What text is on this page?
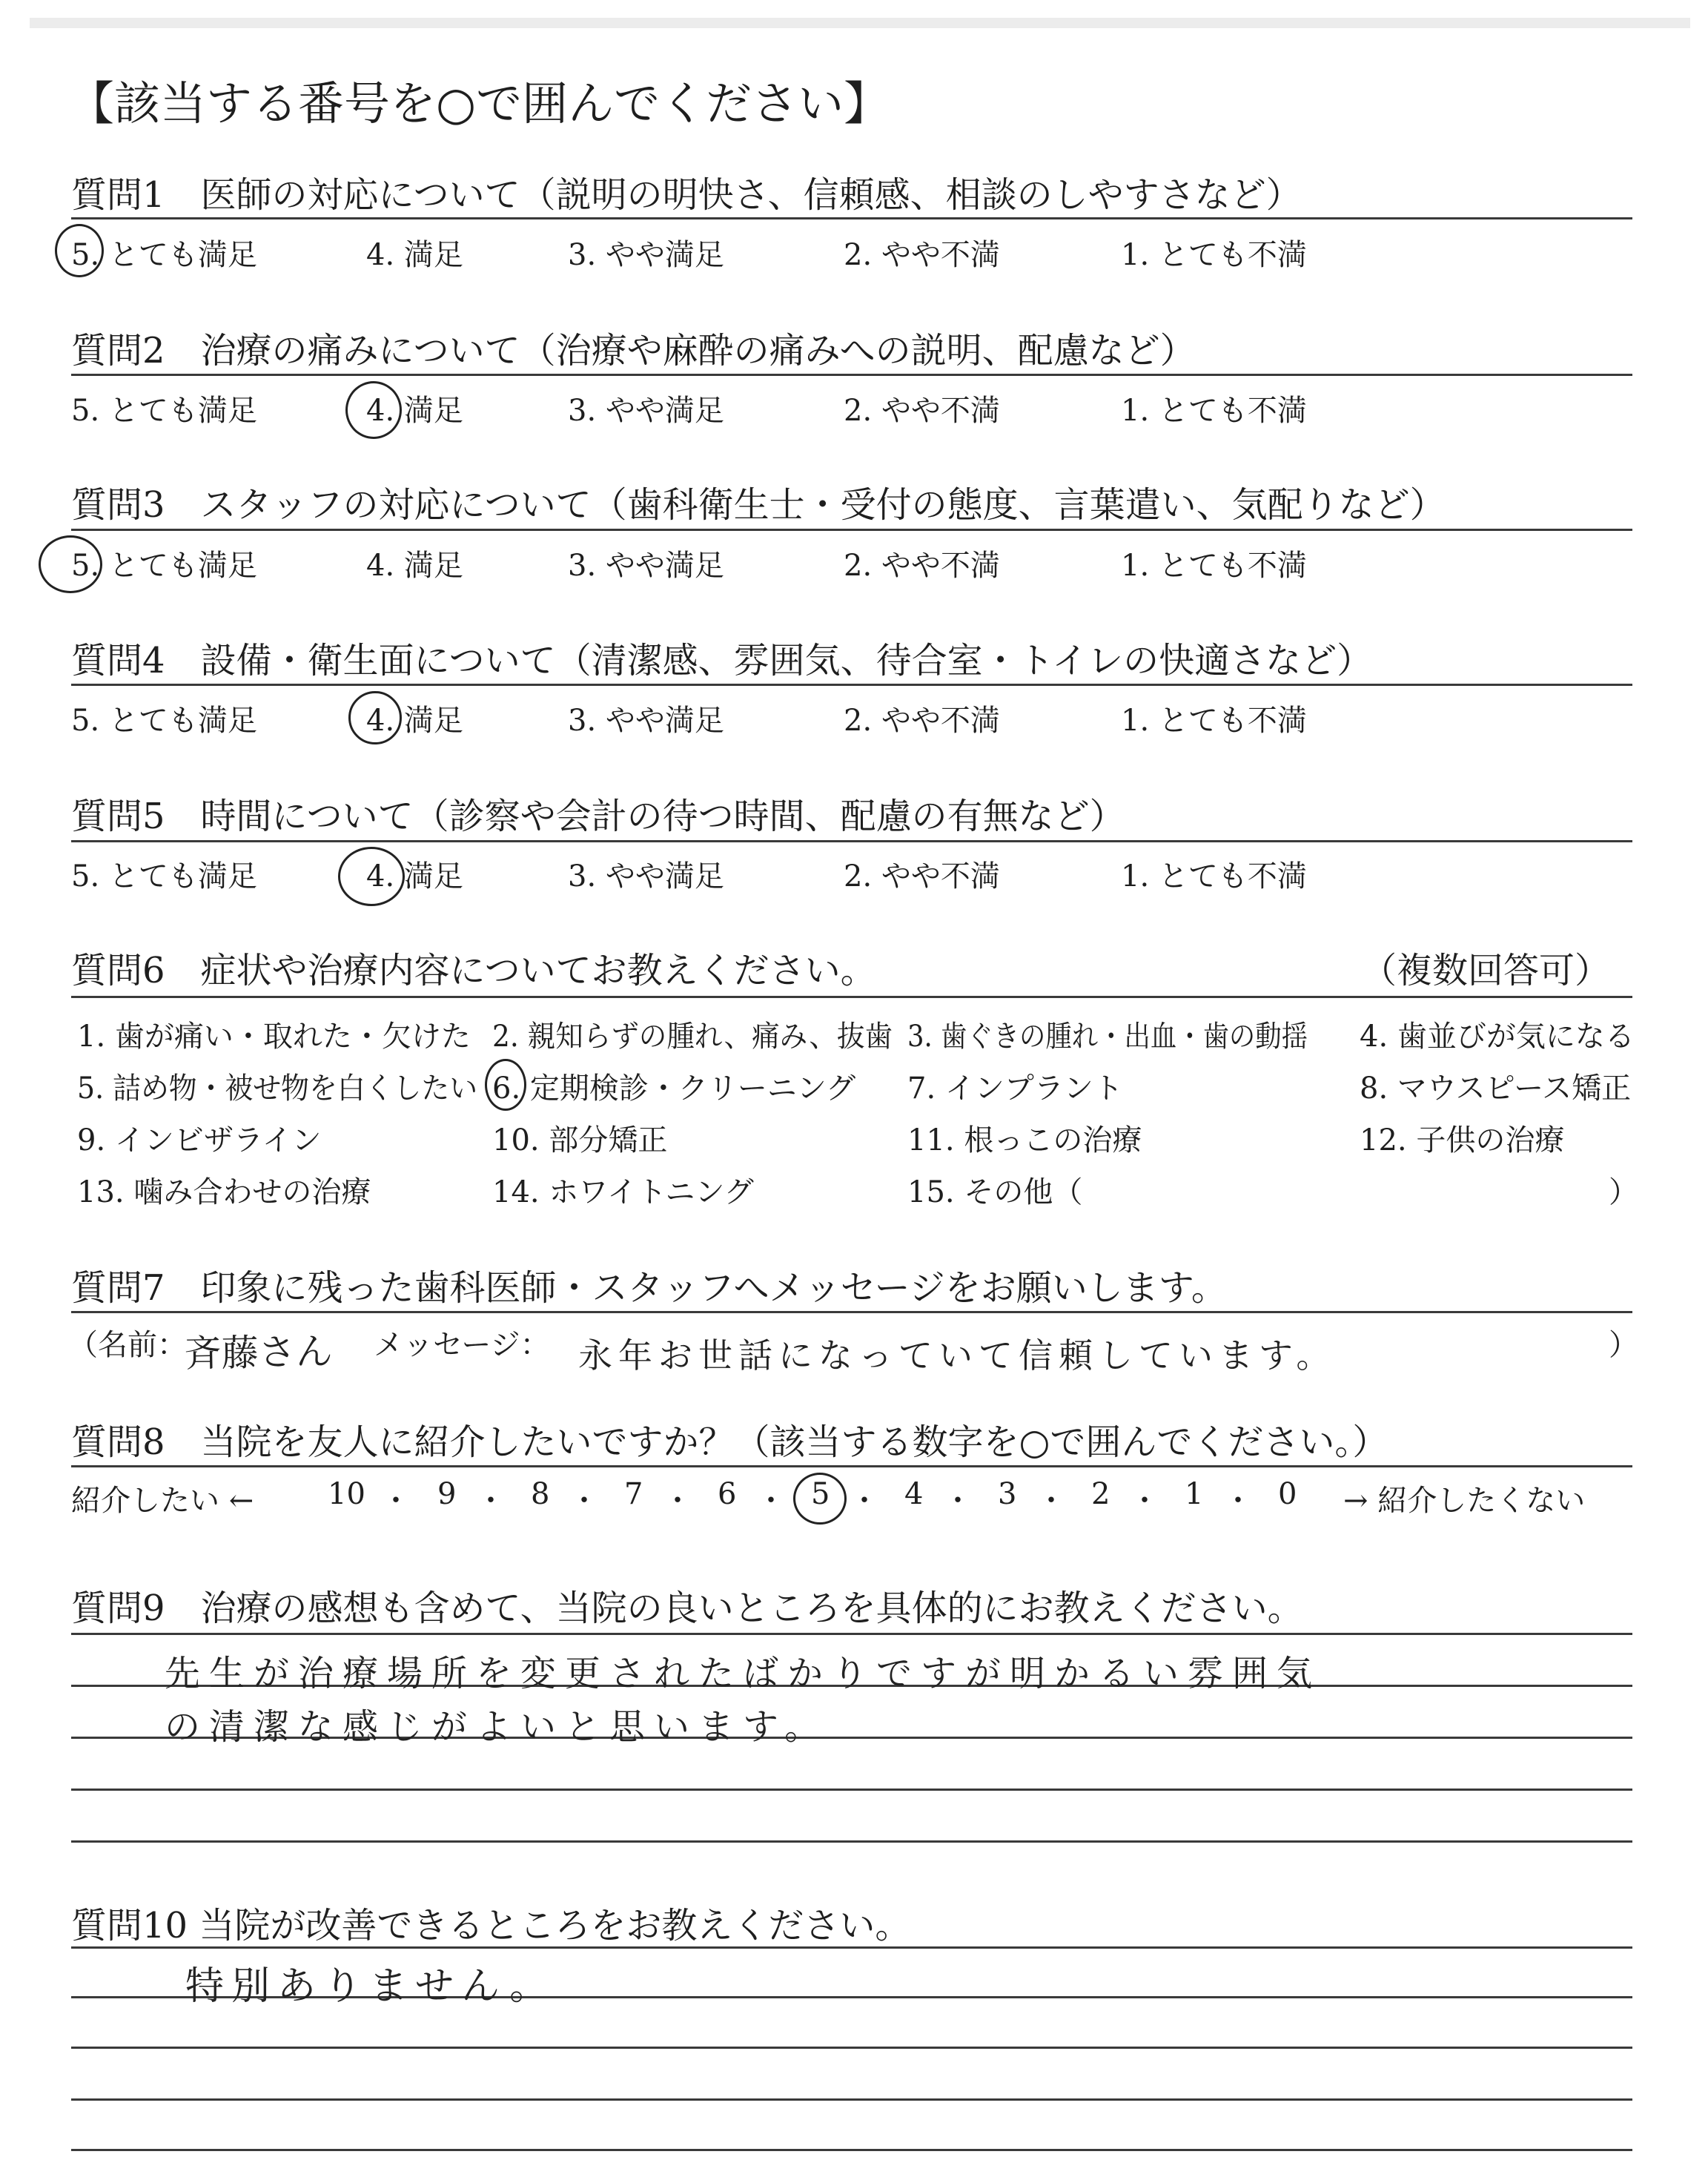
【該当する番号を○で囲んでください】
質問1　医師の対応について（説明の明快さ、信頼感、相談のしやすさなど）
5. とても満足	4. 満足	3. やや満足	2. やや不満	1. とても不満
質問2　治療の痛みについて（治療や麻酔の痛みへの説明、配慮など）
5. とても満足	4. 満足	3. やや満足	2. やや不満	1. とても不満
質問3　スタッフの対応について（歯科衛生士・受付の態度、言葉遣い、気配りなど）
5. とても満足	4. 満足	3. やや満足	2. やや不満	1. とても不満
質問4　設備・衛生面について（清潔感、雰囲気、待合室・トイレの快適さなど）
5. とても満足	4. 満足	3. やや満足	2. やや不満	1. とても不満
質問5　時間について（診察や会計の待つ時間、配慮の有無など）
5. とても満足	4. 満足	3. やや満足	2. やや不満	1. とても不満
質問6　症状や治療内容についてお教えください。	（複数回答可）
1. 歯が痛い・取れた・欠けた 2. 親知らずの腫れ、痛み、抜歯 3. 歯ぐきの腫れ・出血・歯の動揺 4. 歯並びが気になる
5. 詰め物・被せ物を白くしたい 6. 定期検診・クリーニング 7. インプラント	8. マウスピース矯正
9. インビザライン	10. 部分矯正	11. 根っこの治療	12. 子供の治療
13. 噛み合わせの治療	14. ホワイトニング	15. その他（	）
質問7　印象に残った歯科医師・スタッフへメッセージをお願いします。
（名前：
斉藤さん メッセージ： 永年お世話になっていて信頼しています。	）
質問8　当院を友人に紹介したいですか？（該当する数字を○で囲んでください。）
紹介したい ←	→ 紹介したくない
10 ・ 9 ・ 8 ・ 7 ・ 6 ・ 5 ・ 4 ・ 3 ・ 2 ・ 1 ・ 0
質問9　治療の感想も含めて、当院の良いところを具体的にお教えください。
先生が治療場所を変更されたばかりですが明かるい雰囲気
の清潔な感じがよいと思います。
質問10 当院が改善できるところをお教えください。
特別ありません。
